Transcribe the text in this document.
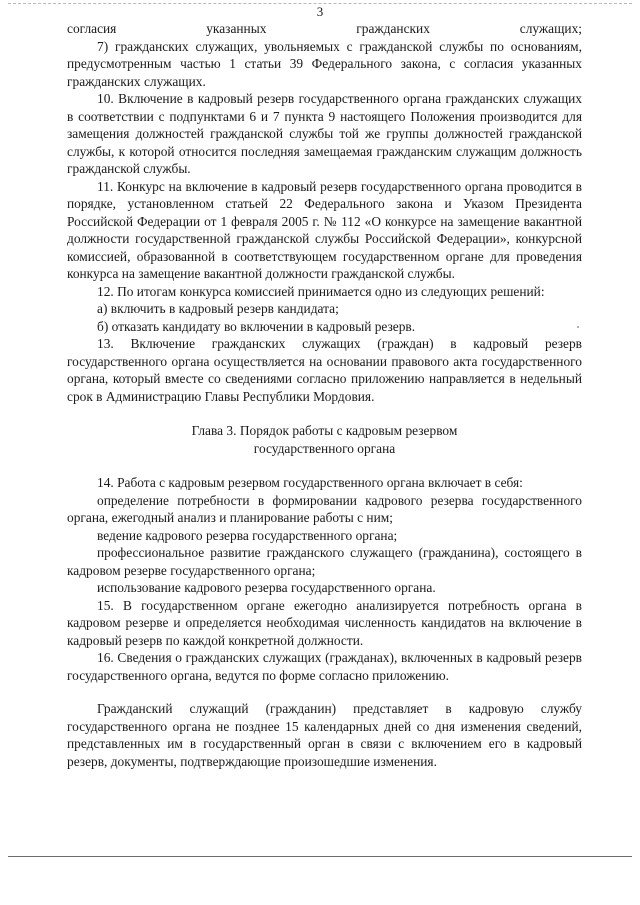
3

согласия указанных гражданских служащих;

7) гражданских служащих, увольняемых с гражданской службы по основаниям, предусмотренным частью 1 статьи 39 Федерального закона, с согласия указанных гражданских служащих.

10. Включение в кадровый резерв государственного органа гражданских служащих в соответствии с подпунктами 6 и 7 пункта 9 настоящего Положения производится для замещения должностей гражданской службы той же группы должностей гражданской службы, к которой относится последняя замещаемая гражданским служащим должность гражданской службы.

11. Конкурс на включение в кадровый резерв государственного органа проводится в порядке, установленном статьей 22 Федерального закона и Указом Президента Российской Федерации от 1 февраля 2005 г. № 112 «О конкурсе на замещение вакантной должности государственной гражданской службы Российской Федерации», конкурсной комиссией, образованной в соответствующем государственном органе для проведения конкурса на замещение вакантной должности гражданской службы.

12. По итогам конкурса комиссией принимается одно из следующих решений:

а) включить в кадровый резерв кандидата;

б) отказать кандидату во включении в кадровый резерв.

13. Включение гражданских служащих (граждан) в кадровый резерв государственного органа осуществляется на основании правового акта государственного органа, который вместе со сведениями согласно приложению направляется в недельный срок в Администрацию Главы Республики Мордовия.

Глава 3. Порядок работы с кадровым резервом
государственного органа

14. Работа с кадровым резервом государственного органа включает в себя:

определение потребности в формировании кадрового резерва государственного органа, ежегодный анализ и планирование работы с ним;

ведение кадрового резерва государственного органа;

профессиональное развитие гражданского служащего (гражданина), состоящего в кадровом резерве государственного органа;

использование кадрового резерва государственного органа.

15. В государственном органе ежегодно анализируется потребность органа в кадровом резерве и определяется необходимая численность кандидатов на включение в кадровый резерв по каждой конкретной должности.

16. Сведения о гражданских служащих (гражданах), включенных в кадровый резерв государственного органа, ведутся по форме согласно приложению.

Гражданский служащий (гражданин) представляет в кадровую службу государственного органа не позднее 15 календарных дней со дня изменения сведений, представленных им в государственный орган в связи с включением его в кадровый резерв, документы, подтверждающие произошедшие изменения.
